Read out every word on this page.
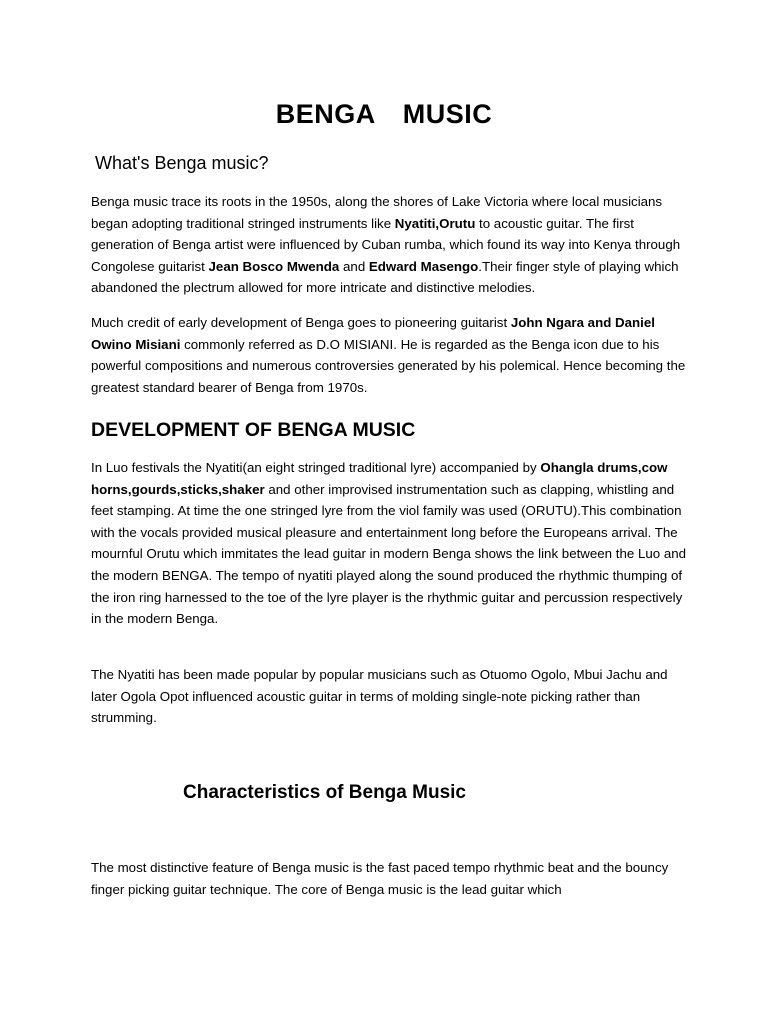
BENGA  MUSIC
What's Benga music?

Benga music trace its roots in the 1950s, along the shores of Lake Victoria where local musicians began adopting traditional stringed instruments like Nyatiti,Orutu to acoustic guitar. The first generation of Benga artist were influenced by Cuban rumba, which found its way into Kenya through Congolese guitarist Jean Bosco Mwenda and Edward Masengo.Their finger style of playing which abandoned the plectrum allowed for more intricate and distinctive melodies.

Much credit of early development of Benga goes to pioneering guitarist John Ngara and Daniel Owino Misiani commonly referred as D.O MISIANI. He is regarded as the Benga icon due to his powerful compositions and numerous controversies generated by his polemical. Hence becoming the greatest standard bearer of Benga from 1970s.

DEVELOPMENT OF BENGA MUSIC

In Luo festivals the Nyatiti(an eight stringed traditional lyre) accompanied by Ohangla drums,cow horns,gourds,sticks,shaker and other improvised instrumentation such as clapping, whistling and feet stamping. At time the one stringed lyre from the viol family was used (ORUTU).This combination with the vocals provided musical pleasure and entertainment long before the Europeans arrival. The mournful Orutu which immitates the lead guitar in modern Benga shows the link between the Luo and the modern BENGA. The tempo of nyatiti played along the sound produced the rhythmic thumping of the iron ring harnessed to the toe of the lyre player is the rhythmic guitar and percussion respectively in the modern Benga.

The Nyatiti has been made popular by popular musicians such as Otuomo Ogolo, Mbui Jachu and later Ogola Opot influenced acoustic guitar in terms of molding single-note picking rather than strumming.

Characteristics of Benga Music

The most distinctive feature of Benga music is the fast paced tempo rhythmic beat and the bouncy finger picking guitar technique. The core of Benga music is the lead guitar which
